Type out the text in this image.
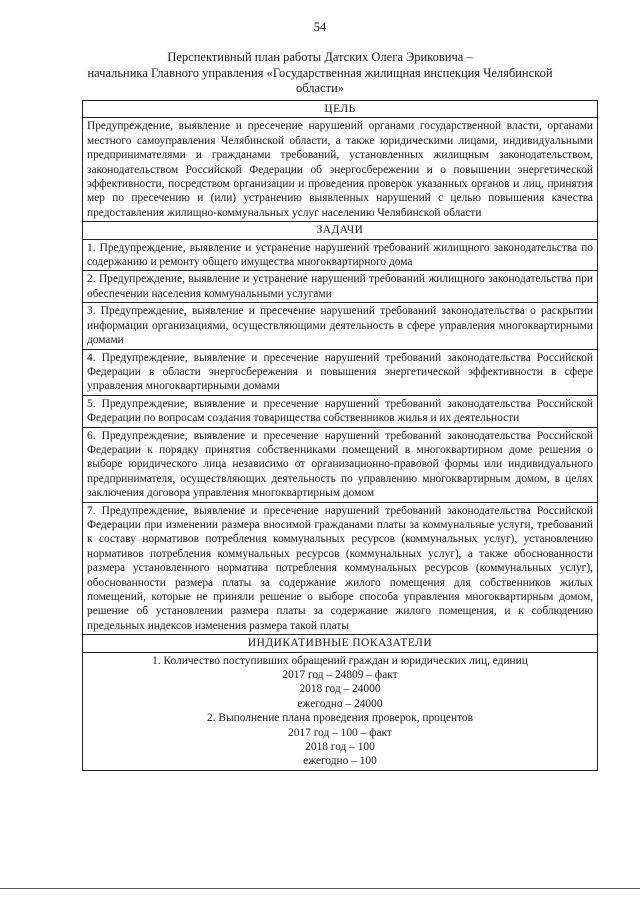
54
Перспективный план работы Датских Олега Эриковича –
начальника Главного управления «Государственная жилищная инспекция Челябинской
области»
ЦЕЛЬ
Предупреждение, выявление и пресечение нарушений органами государственной власти, органами местного самоуправления Челябинской области, а также юридическими лицами, индивидуальными предпринимателями и гражданами требований, установленных жилищным законодательством, законодательством Российской Федерации об энергосбережении и о повышении энергетической эффективности, посредством организации и проведения проверок указанных органов и лиц, принятия мер по пресечению и (или) устранению выявленных нарушений с целью повышения качества предоставления жилищно-коммунальных услуг населению Челябинской области
ЗАДАЧИ
1. Предупреждение, выявление и устранение нарушений требований жилищного законодательства по содержанию и ремонту общего имущества многоквартирного дома
2. Предупреждение, выявление и устранение нарушений требований жилищного законодательства при обеспечении населения коммунальными услугами
3. Предупреждение, выявление и пресечение нарушений требований законодательства о раскрытии информации организациями, осуществляющими деятельность в сфере управления многоквартирными домами
4. Предупреждение, выявление и пресечение нарушений требований законодательства Российской Федерации в области энергосбережения и повышения энергетической эффективности в сфере управления многоквартирными домами
5. Предупреждение, выявление и пресечение нарушений требований законодательства Российской Федерации по вопросам создания товарищества собственников жилья и их деятельности
6. Предупреждение, выявление и пресечение нарушений требований законодательства Российской Федерации к порядку принятия собственниками помещений в многоквартирном доме решения о выборе юридического лица независимо от организационно-правовой формы или индивидуального предпринимателя, осуществляющих деятельность по управлению многоквартирным домом, в целях заключения договора управления многоквартирным домом
7. Предупреждение, выявление и пресечение нарушений требований законодательства Российской Федерации при изменении размера вносимой гражданами платы за коммунальные услуги, требований к составу нормативов потребления коммунальных ресурсов (коммунальных услуг), установлению нормативов потребления коммунальных ресурсов (коммунальных услуг), а также обоснованности размера установленного норматива потребления коммунальных ресурсов (коммунальных услуг), обоснованности размера платы за содержание жилого помещения для собственников жилых помещений, которые не приняли решение о выборе способа управления многоквартирным домом, решение об установлении размера платы за содержание жилого помещения, и к соблюдению предельных индексов изменения размера такой платы
ИНДИКАТИВНЫЕ ПОКАЗАТЕЛИ

1. Количество поступивших обращений граждан и юридических лиц, единиц
2017 год – 24809 – факт
2018 год – 24000
ежегодно – 24000
2. Выполнение плана проведения проверок, процентов
2017 год – 100 – факт
2018 год – 100
ежегодно – 100
